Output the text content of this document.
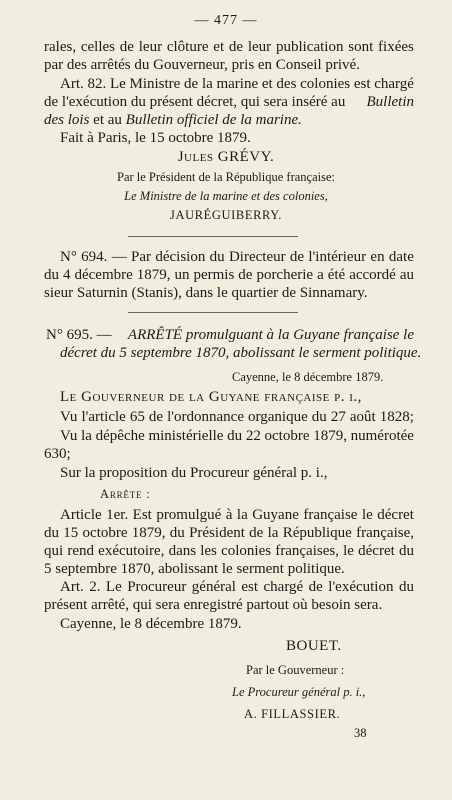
— 477 —
rales, celles de leur clôture et de leur publication sont fixées
par des arrêtés du Gouverneur, pris en Conseil privé.
Art. 82. Le Ministre de la marine et des colonies est chargé
de l'exécution du présent décret, qui sera inséré au Bulletin
des lois et au Bulletin officiel de la marine.
Fait à Paris, le 15 octobre 1879.
Jules GRÉVY.
Par le Président de la République française:
Le Ministre de la marine et des colonies,
JAURÉGUIBERRY.
N° 694. — Par décision du Directeur de l'intérieur en date
du 4 décembre 1879, un permis de porcherie a été accordé au
sieur Saturnin (Stanis), dans le quartier de Sinnamary.
N° 695. — ARRÊTÉ promulguant à la Guyane française le
décret du 5 septembre 1870, abolissant le serment politique.
Cayenne, le 8 décembre 1879.
Le Gouverneur de la Guyane française p. i.,
Vu l'article 65 de l'ordonnance organique du 27 août 1828;
Vu la dépêche ministérielle du 22 octobre 1879, numérotée
630;
Sur la proposition du Procureur général p. i.,
Arrête :
Article 1er. Est promulgué à la Guyane française le décret
du 15 octobre 1879, du Président de la République française,
qui rend exécutoire, dans les colonies françaises, le décret du
5 septembre 1870, abolissant le serment politique.
Art. 2. Le Procureur général est chargé de l'exécution du
présent arrêté, qui sera enregistré partout où besoin sera.
Cayenne, le 8 décembre 1879.
BOUET.
Par le Gouverneur :
Le Procureur général p. i.,
A. FILLASSIER.
38
